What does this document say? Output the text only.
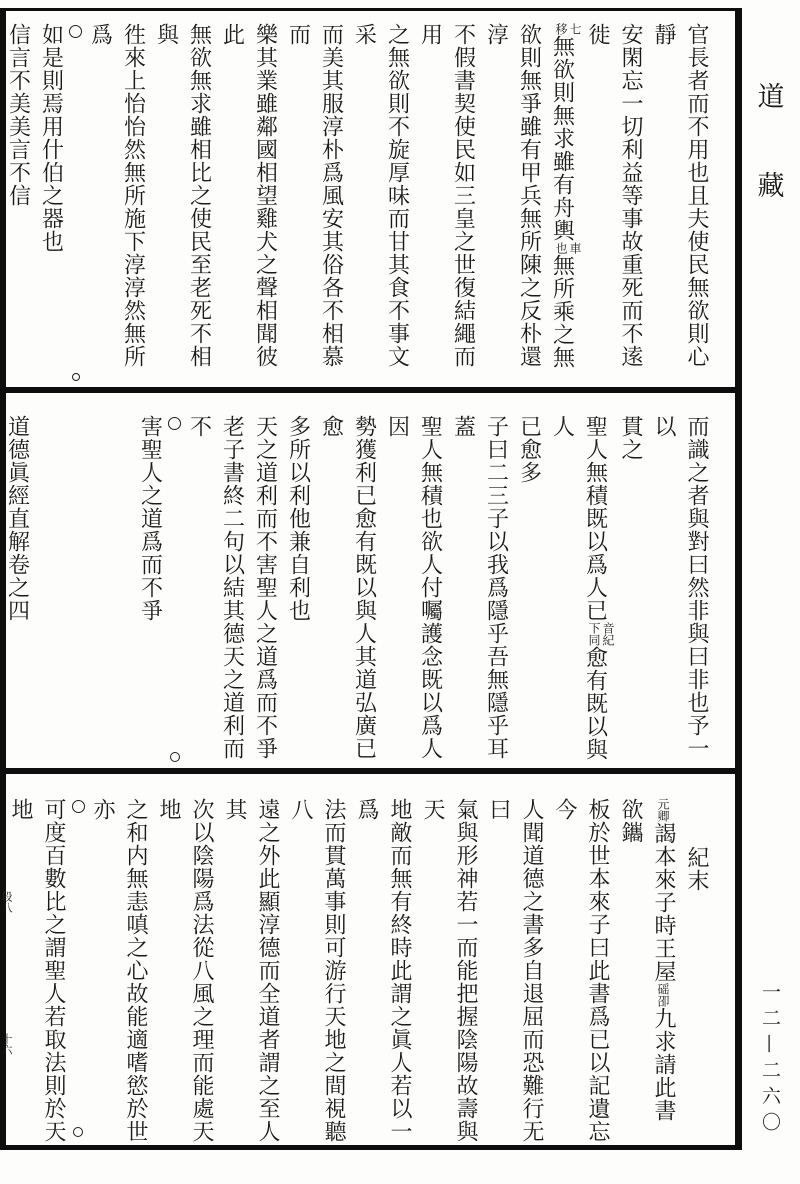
官長者而不用也且夫使民無欲則心靜
安閑忘一切利益等事故重死而不逺徙
七
移
無欲則無求雖有舟輿
車
也
無所乘之無
欲則無爭雖有甲兵無所陳之反朴還淳
不假書契使民如三皇之世復結繩而用
之無欲則不旋厚味而甘其食不事文采
而美其服淳朴爲風安其俗各不相慕而
樂其業雖鄰國相望雞犬之聲相聞彼此
無欲無求雖相比之使民至老死不相與
徃來上怡怡然無所施下淳淳然無所爲
如是則焉用什伯之器也
信言不美美言不信
而識之者與對曰然非與曰非也予一以
貫之
聖人無積既以爲人已
音紀
下同
愈有既以與人
已愈多
子曰二三子以我爲隱乎吾無隱乎耳蓋
聖人無積也欲人付囑護念既以爲人因
勢獲利已愈有既以與人其道弘廣已愈
多所以利他兼自利也
天之道利而不害聖人之道爲而不爭
老子書終二句以結其德天之道利而不
害聖人之道爲而不爭
道德眞經直解卷之四
紀末
元卿謁本來子時王屋磘卲九求請此書欲鑴
板於世本來子曰此書爲已以記遺忘今
人聞道德之書多自退屈而恐難行无曰
氣與形神若一而能把握陰陽故壽與天
地敵而無有終時此謂之眞人若以一爲
法而貫萬事則可游行天地之間視聽八
遠之外此顯淳德而全道者謂之至人其
次以陰陽爲法從八風之理而能處天地
之和内無恚嗔之心故能適嗜慾於世亦
可度百數比之謂聖人若取法則於天地
段八
十六
道
藏
一二—二六〇
